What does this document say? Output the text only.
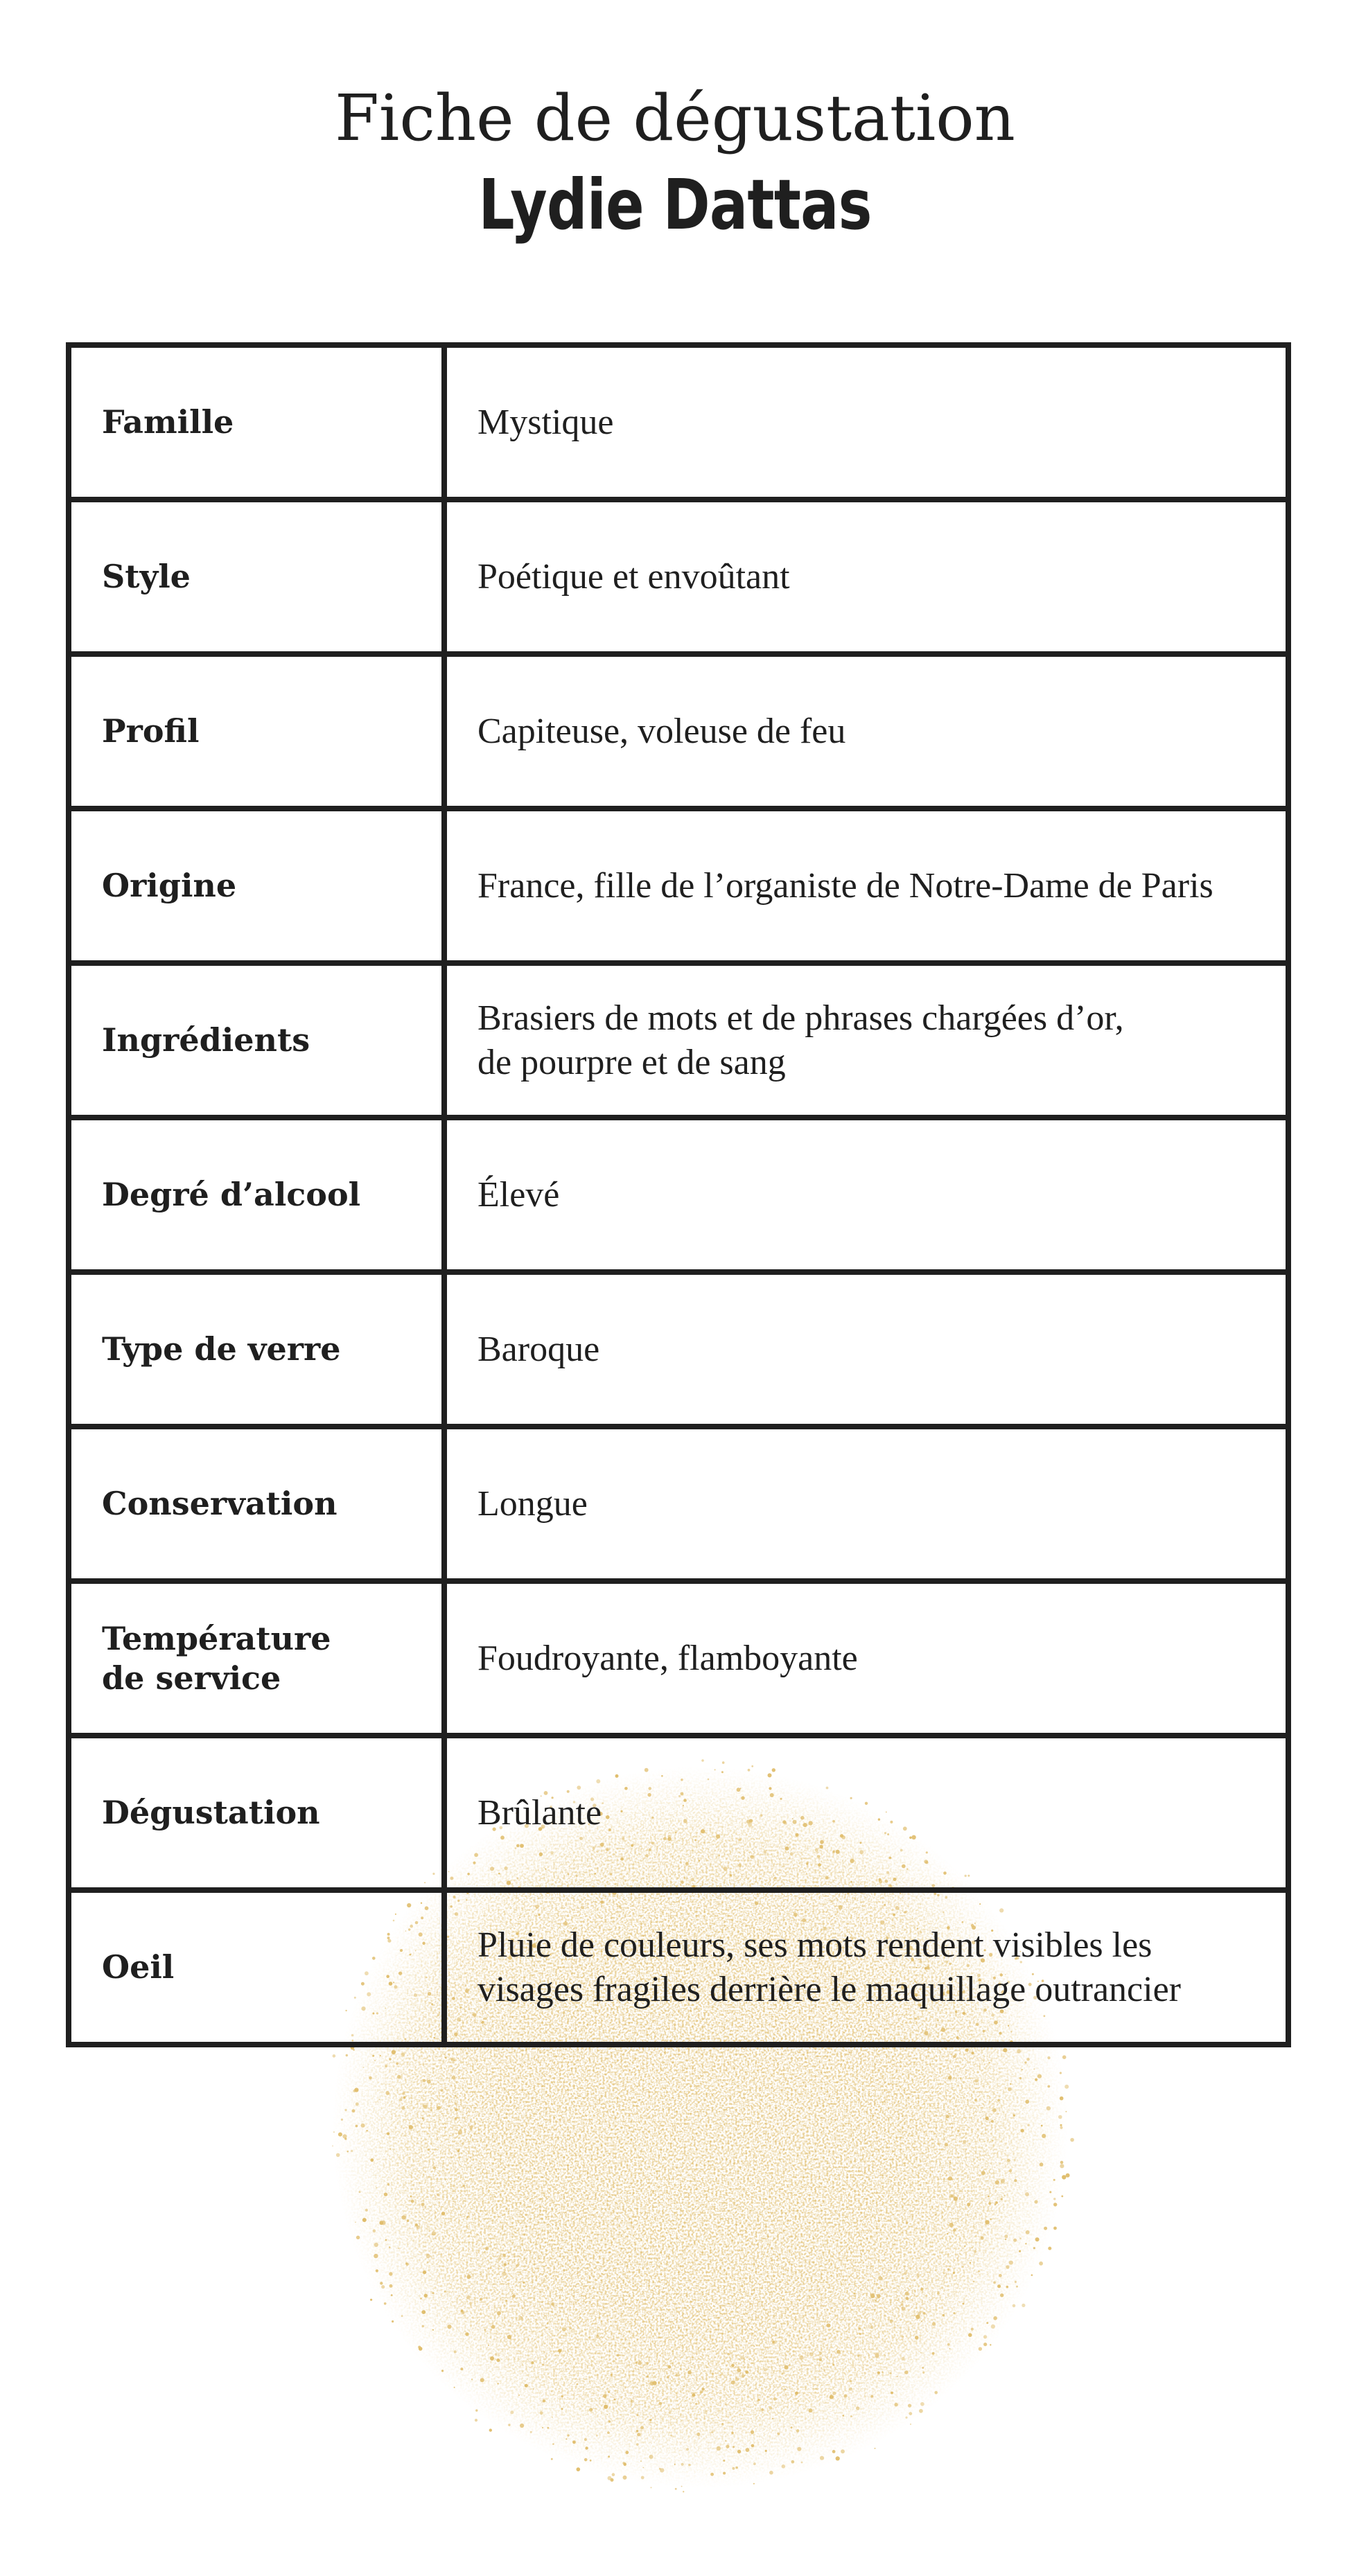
Fiche de dégustation
Lydie Dattas
Famille	Mystique
Style	Poétique et envoûtant
Profil	Capiteuse, voleuse de feu
Origine	France, fille de l’organiste de Notre-Dame de Paris
Ingrédients	Brasiers de mots et de phrases chargées d’or,
de pourpre et de sang
Degré d’alcool	Élevé
Type de verre	Baroque
Conservation	Longue
Température
de service	Foudroyante, flamboyante
Dégustation	Brûlante
Oeil	Pluie de couleurs, ses mots rendent visibles les
visages fragiles derrière le maquillage outrancier
